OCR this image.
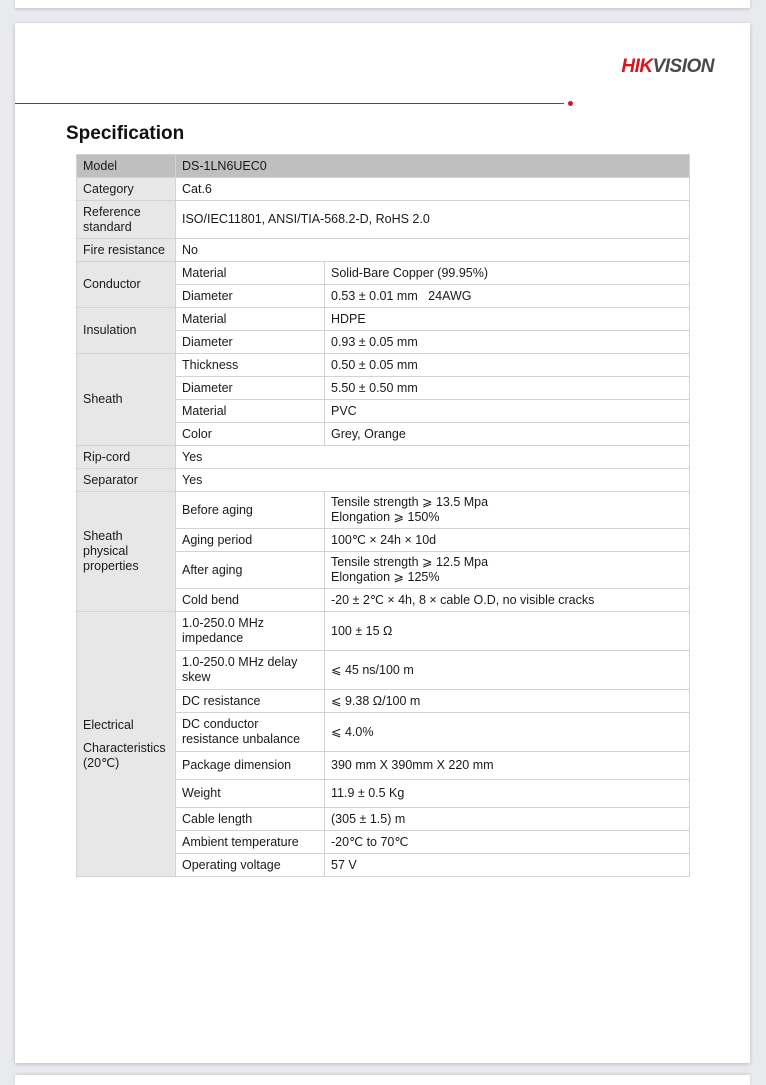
HIKVISION
Specification
Model	DS-1LN6UEC0	
Category	Cat.6	
Reference standard	ISO/IEC11801, ANSI/TIA-568.2-D, RoHS 2.0	
Fire resistance	No	
Conductor	Material	Solid-Bare Copper (99.95%)
	Diameter	0.53 ± 0.01 mm   24AWG
Insulation	Material	HDPE
	Diameter	0.93 ± 0.05 mm
Sheath	Thickness	0.50 ± 0.05 mm
	Diameter	5.50 ± 0.50 mm
	Material	PVC
	Color	Grey, Orange
Rip-cord	Yes	
Separator	Yes	
Sheath physical properties	Before aging	Tensile strength ⩾ 13.5 Mpa
Elongation ⩾ 150%

	Aging period	100℃ × 24h × 10d
	After aging	Tensile strength ⩾ 12.5 Mpa
Elongation ⩾ 125%

	Cold bend	-20 ± 2℃ × 4h, 8 × cable O.D, no visible cracks

Electrical
Characteristics
(20℃)	1.0-250.0 MHz impedance	100 ± 15 Ω
	1.0-250.0 MHz delay skew	⩽ 45 ns/100 m
	DC resistance	⩽ 9.38 Ω/100 m
	DC conductor resistance unbalance	⩽ 4.0%
	Package dimension	390 mm X 390mm X 220 mm
	Weight	11.9 ± 0.5 Kg
	Cable length	(305 ± 1.5) m
	Ambient temperature	-20℃ to 70℃
	Operating voltage	57 V
